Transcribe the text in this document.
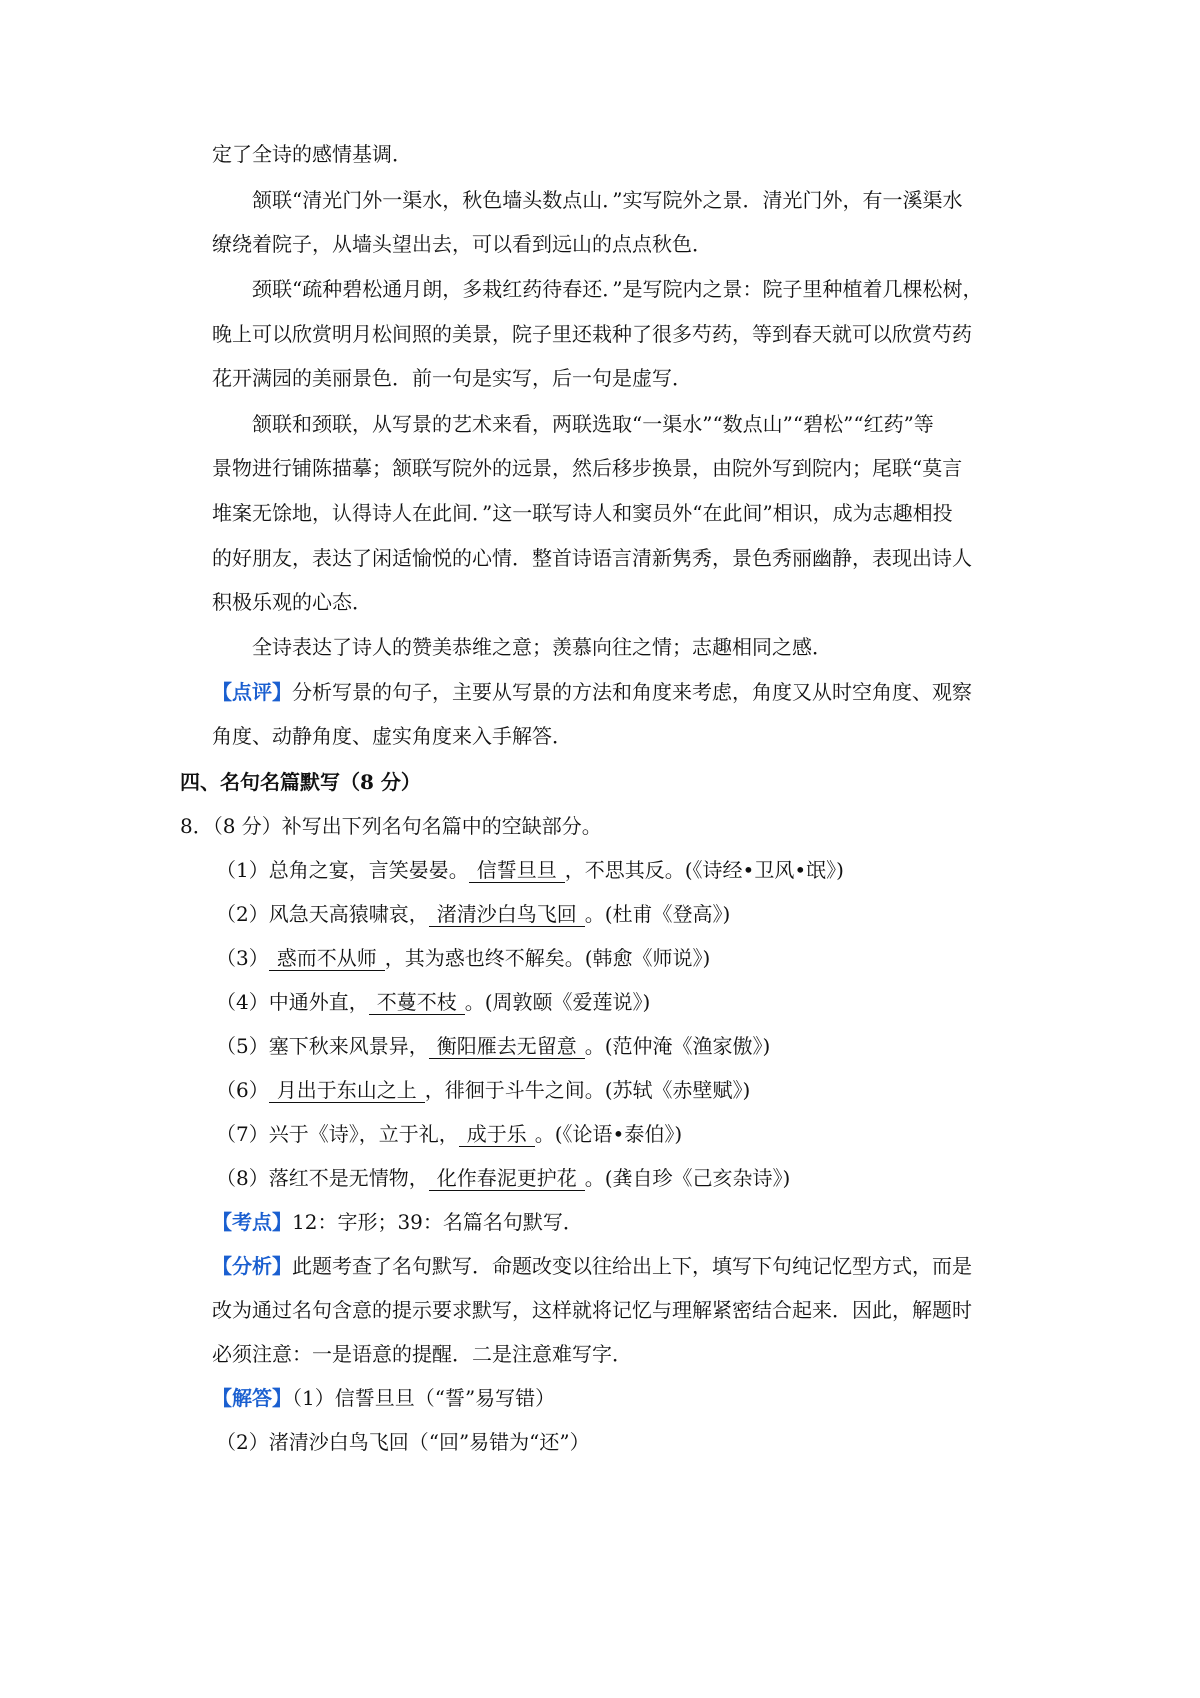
定了全诗的感情基调．
颔联“清光门外一渠水，秋色墙头数点山．”实写院外之景．清光门外，有一溪渠水
缭绕着院子，从墙头望出去，可以看到远山的点点秋色．
颈联“疏种碧松通月朗，多栽红药待春还．”是写院内之景：院子里种植着几棵松树，
晚上可以欣赏明月松间照的美景，院子里还栽种了很多芍药，等到春天就可以欣赏芍药
花开满园的美丽景色．前一句是实写，后一句是虚写．
颔联和颈联，从写景的艺术来看，两联选取“一渠水”“数点山”“碧松”“红药”等
景物进行铺陈描摹；颔联写院外的远景，然后移步换景，由院外写到院内；尾联“莫言
堆案无馀地，认得诗人在此间．”这一联写诗人和窦员外“在此间”相识，成为志趣相投
的好朋友，表达了闲适愉悦的心情．整首诗语言清新隽秀，景色秀丽幽静，表现出诗人
积极乐观的心态．
全诗表达了诗人的赞美恭维之意；羡慕向往之情；志趣相同之感．
【点评】分析写景的句子，主要从写景的方法和角度来考虑，角度又从时空角度、观察
角度、动静角度、虚实角度来入手解答．
四、名句名篇默写（8 分）
8．（8 分）补写出下列名句名篇中的空缺部分。
（1）总角之宴，言笑晏晏。 信誓旦旦 ，不思其反。(《诗经•卫风•氓》)
（2）风急天高猿啸哀， 渚清沙白鸟飞回 。(杜甫《登高》)
（3） 惑而不从师 ，其为惑也终不解矣。(韩愈《师说》)
（4）中通外直， 不蔓不枝 。(周敦颐《爱莲说》)
（5）塞下秋来风景异， 衡阳雁去无留意 。(范仲淹《渔家傲》)
（6） 月出于东山之上 ，徘徊于斗牛之间。(苏轼《赤壁赋》)
（7）兴于《诗》，立于礼， 成于乐 。(《论语•泰伯》)
（8）落红不是无情物， 化作春泥更护花 。(龚自珍《己亥杂诗》)
【考点】12：字形；39：名篇名句默写．
【分析】此题考查了名句默写．命题改变以往给出上下，填写下句纯记忆型方式，而是
改为通过名句含意的提示要求默写，这样就将记忆与理解紧密结合起来．因此，解题时
必须注意：一是语意的提醒．二是注意难写字．
【解答】（1）信誓旦旦（“誓”易写错）
（2）渚清沙白鸟飞回（“回”易错为“还”）
